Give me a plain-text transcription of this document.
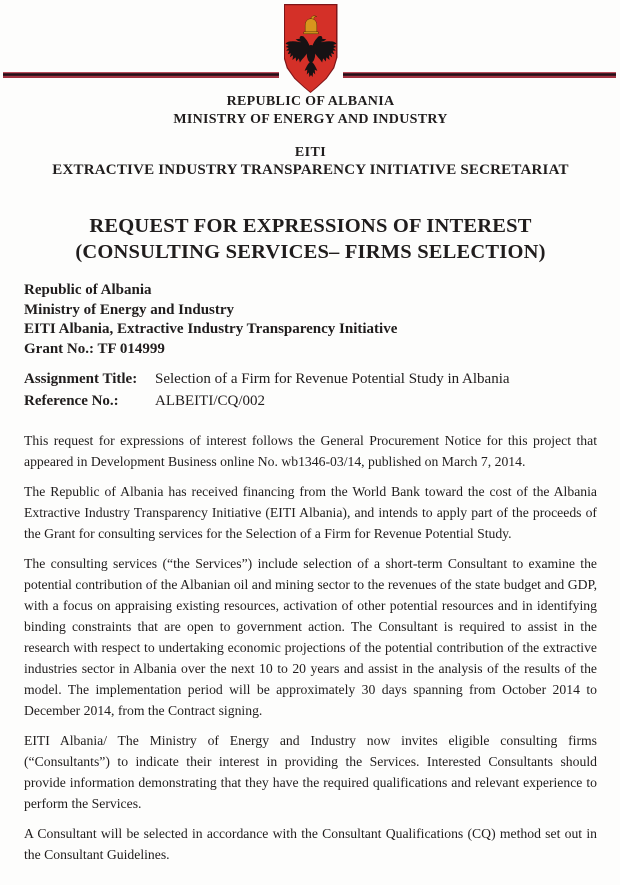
REPUBLIC OF ALBANIA
MINISTRY OF ENERGY AND INDUSTRY
EITI
EXTRACTIVE INDUSTRY TRANSPARENCY INITIATIVE SECRETARIAT
REQUEST FOR EXPRESSIONS OF INTEREST
(CONSULTING SERVICES– FIRMS SELECTION)
Republic of Albania
Ministry of Energy and Industry
EITI Albania, Extractive Industry Transparency Initiative
Grant No.: TF 014999
Assignment Title:	Selection of a Firm for Revenue Potential Study in Albania
Reference No.:	ALBEITI/CQ/002

This request for expressions of interest follows the General Procurement Notice for this project that appeared in Development Business online No. wb1346-03/14, published on March 7, 2014.

The Republic of Albania has received financing from the World Bank toward the cost of the Albania Extractive Industry Transparency Initiative (EITI Albania), and intends to apply part of the proceeds of the Grant for consulting services for the Selection of a Firm for Revenue Potential Study.

The consulting services (“the Services”) include selection of a short-term Consultant to examine the potential contribution of the Albanian oil and mining sector to the revenues of the state budget and GDP, with a focus on appraising existing resources, activation of other potential resources and in identifying binding constraints that are open to government action. The Consultant is required to assist in the research with respect to undertaking economic projections of the potential contribution of the extractive industries sector in Albania over the next 10 to 20 years and assist in the analysis of the results of the model. The implementation period will be approximately 30 days spanning from October 2014 to December 2014, from the Contract signing.

EITI Albania/ The Ministry of Energy and Industry now invites eligible consulting firms (“Consultants”) to indicate their interest in providing the Services. Interested Consultants should provide information demonstrating that they have the required qualifications and relevant experience to perform the Services.

A Consultant will be selected in accordance with the Consultant Qualifications (CQ) method set out in the Consultant Guidelines.
